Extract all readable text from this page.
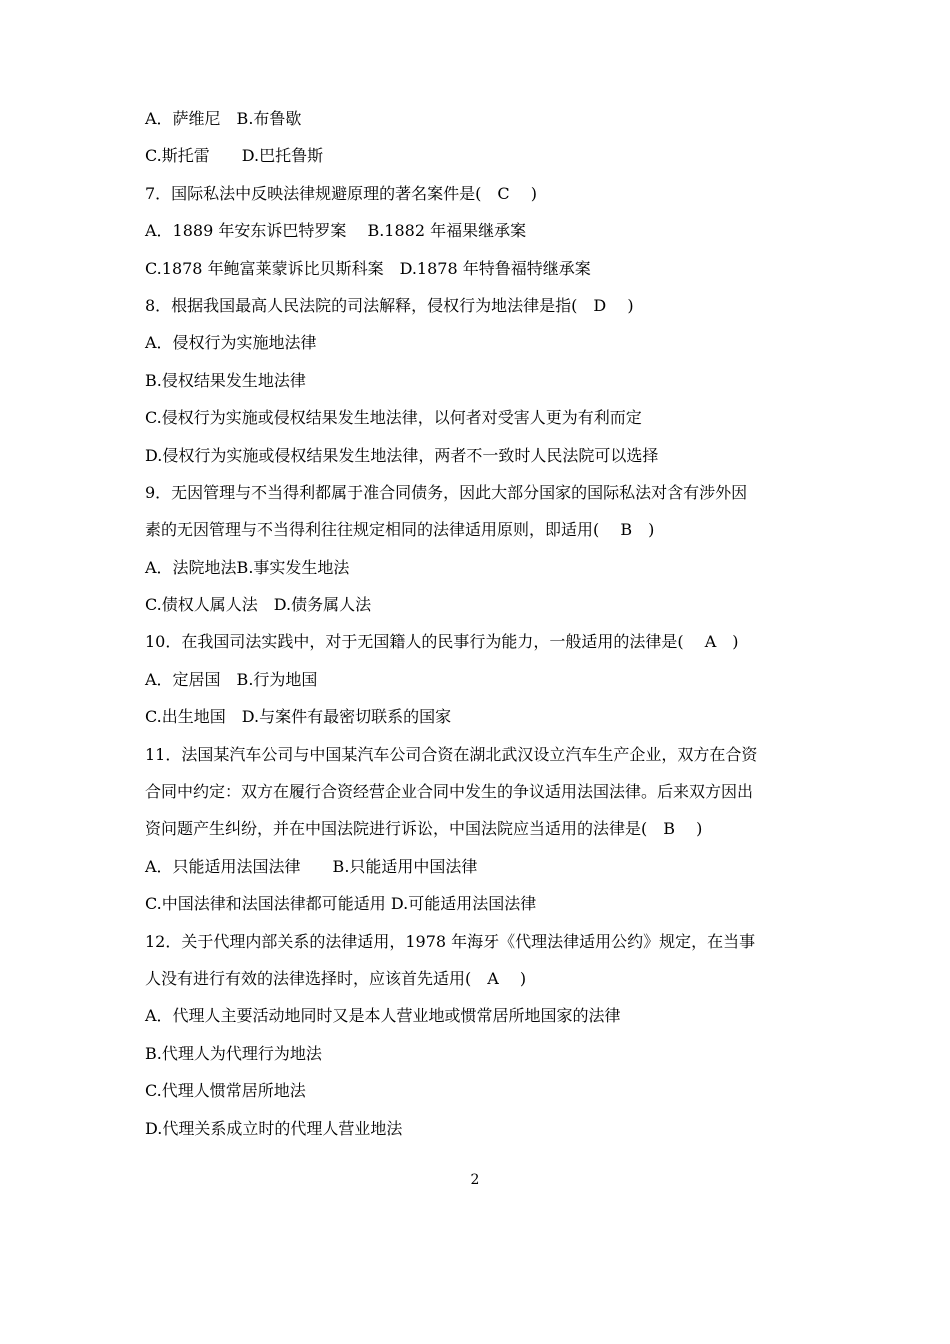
A．萨维尼　B.布鲁歇
C.斯托雷　　D.巴托鲁斯
7．国际私法中反映法律规避原理的著名案件是(　C　 )
A．1889 年安东诉巴特罗案　 B.1882 年福果继承案
C.1878 年鲍富莱蒙诉比贝斯科案　D.1878 年特鲁福特继承案
8．根据我国最高人民法院的司法解释，侵权行为地法律是指(　D　 )
A．侵权行为实施地法律
B.侵权结果发生地法律
C.侵权行为实施或侵权结果发生地法律，以何者对受害人更为有利而定
D.侵权行为实施或侵权结果发生地法律，两者不一致时人民法院可以选择
9．无因管理与不当得利都属于准合同债务，因此大部分国家的国际私法对含有涉外因
素的无因管理与不当得利往往规定相同的法律适用原则，即适用(　 B　)
A．法院地法B.事实发生地法
C.债权人属人法　D.债务属人法
10．在我国司法实践中，对于无国籍人的民事行为能力，一般适用的法律是(　 A　)
A．定居国　B.行为地国
C.出生地国　D.与案件有最密切联系的国家
11．法国某汽车公司与中国某汽车公司合资在湖北武汉设立汽车生产企业，双方在合资
合同中约定：双方在履行合资经营企业合同中发生的争议适用法国法律。后来双方因出
资问题产生纠纷，并在中国法院进行诉讼，中国法院应当适用的法律是(　B　 )
A．只能适用法国法律　　B.只能适用中国法律
C.中国法律和法国法律都可能适用 D.可能适用法国法律
12．关于代理内部关系的法律适用，1978 年海牙《代理法律适用公约》规定，在当事
人没有进行有效的法律选择时，应该首先适用(　A　 )
A．代理人主要活动地同时又是本人营业地或惯常居所地国家的法律
B.代理人为代理行为地法
C.代理人惯常居所地法
D.代理关系成立时的代理人营业地法
2
